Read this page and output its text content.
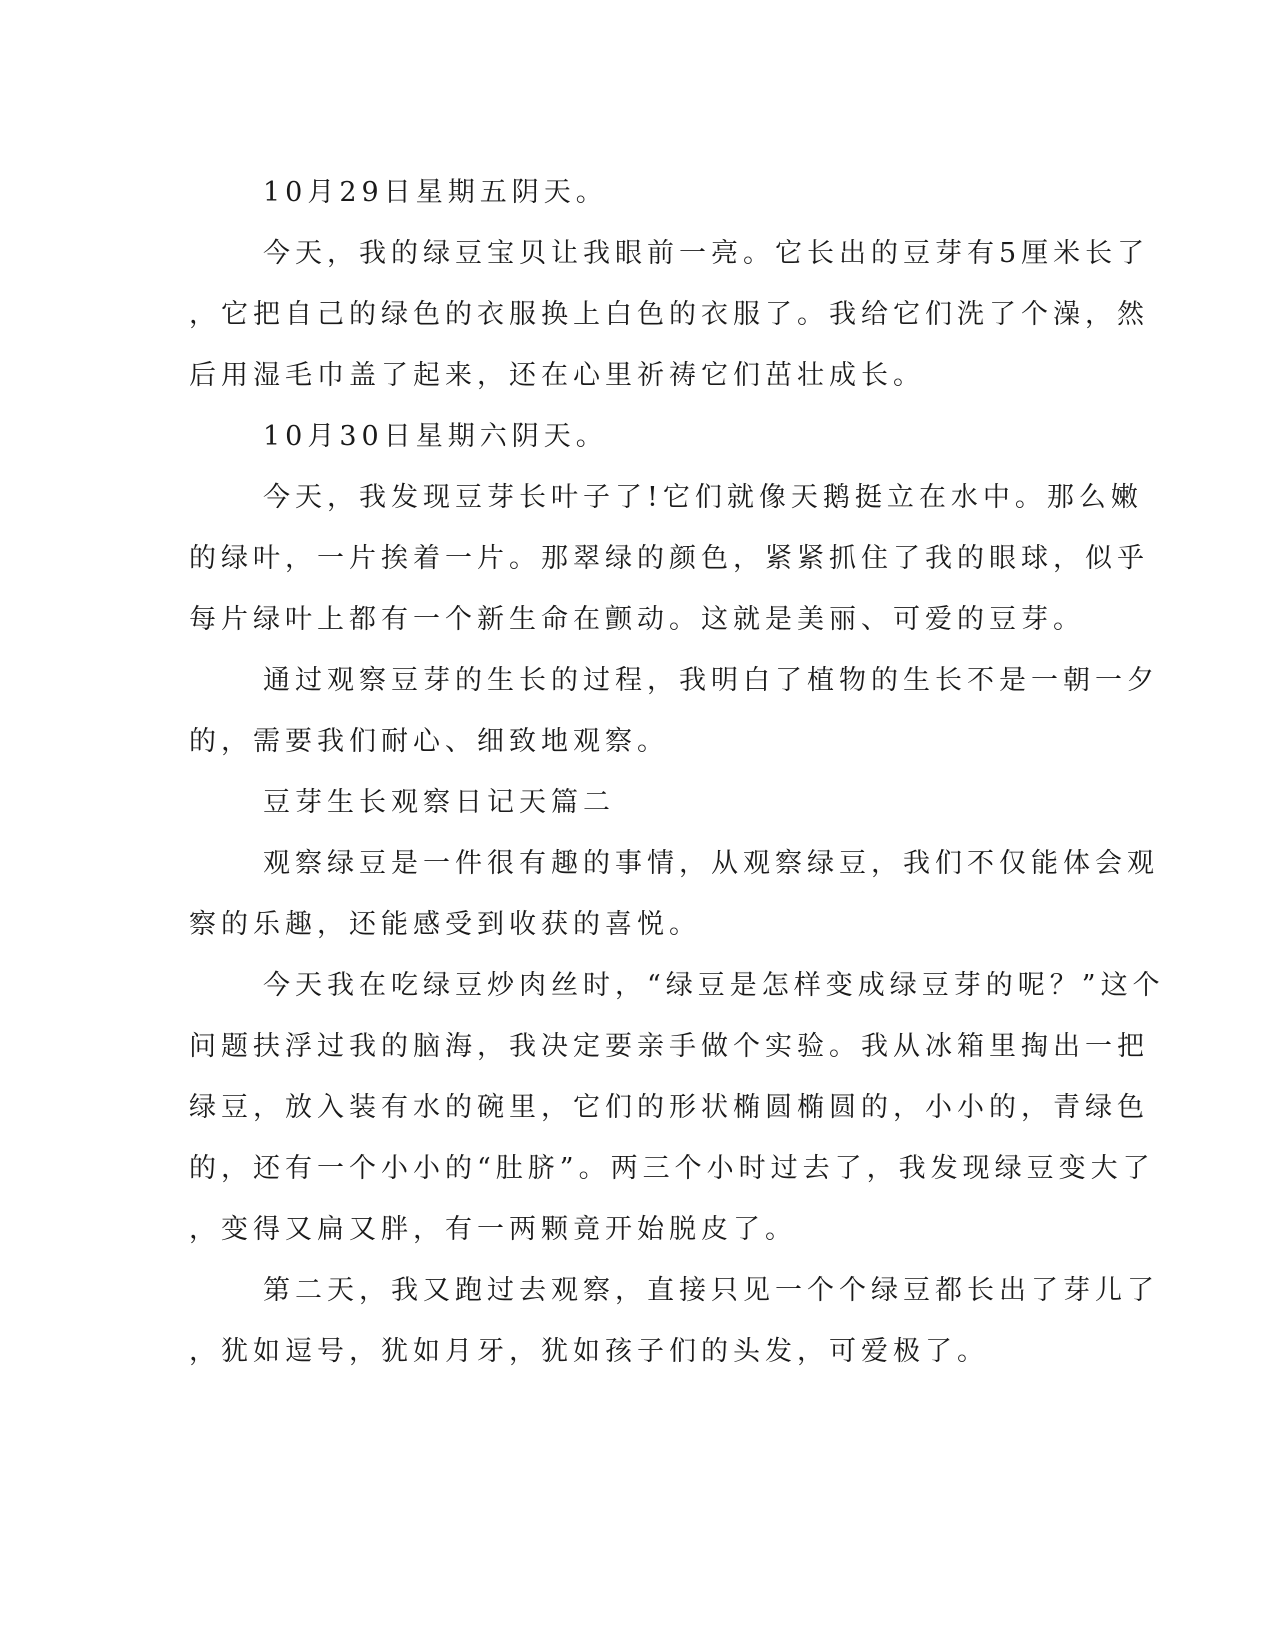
10月29日星期五阴天。
今天，我的绿豆宝贝让我眼前一亮。它长出的豆芽有5厘米长了
，它把自己的绿色的衣服换上白色的衣服了。我给它们洗了个澡，然
后用湿毛巾盖了起来，还在心里祈祷它们茁壮成长。
10月30日星期六阴天。
今天，我发现豆芽长叶子了!它们就像天鹅挺立在水中。那么嫩
的绿叶，一片挨着一片。那翠绿的颜色，紧紧抓住了我的眼球，似乎
每片绿叶上都有一个新生命在颤动。这就是美丽、可爱的豆芽。
通过观察豆芽的生长的过程，我明白了植物的生长不是一朝一夕
的，需要我们耐心、细致地观察。
豆芽生长观察日记天篇二
观察绿豆是一件很有趣的事情，从观察绿豆，我们不仅能体会观
察的乐趣，还能感受到收获的喜悦。
今天我在吃绿豆炒肉丝时，“绿豆是怎样变成绿豆芽的呢？”这个
问题扶浮过我的脑海，我决定要亲手做个实验。我从冰箱里掏出一把
绿豆，放入装有水的碗里，它们的形状椭圆椭圆的，小小的，青绿色
的，还有一个小小的“肚脐”。两三个小时过去了，我发现绿豆变大了
，变得又扁又胖，有一两颗竟开始脱皮了。
第二天，我又跑过去观察，直接只见一个个绿豆都长出了芽儿了
，犹如逗号，犹如月牙，犹如孩子们的头发，可爱极了。
